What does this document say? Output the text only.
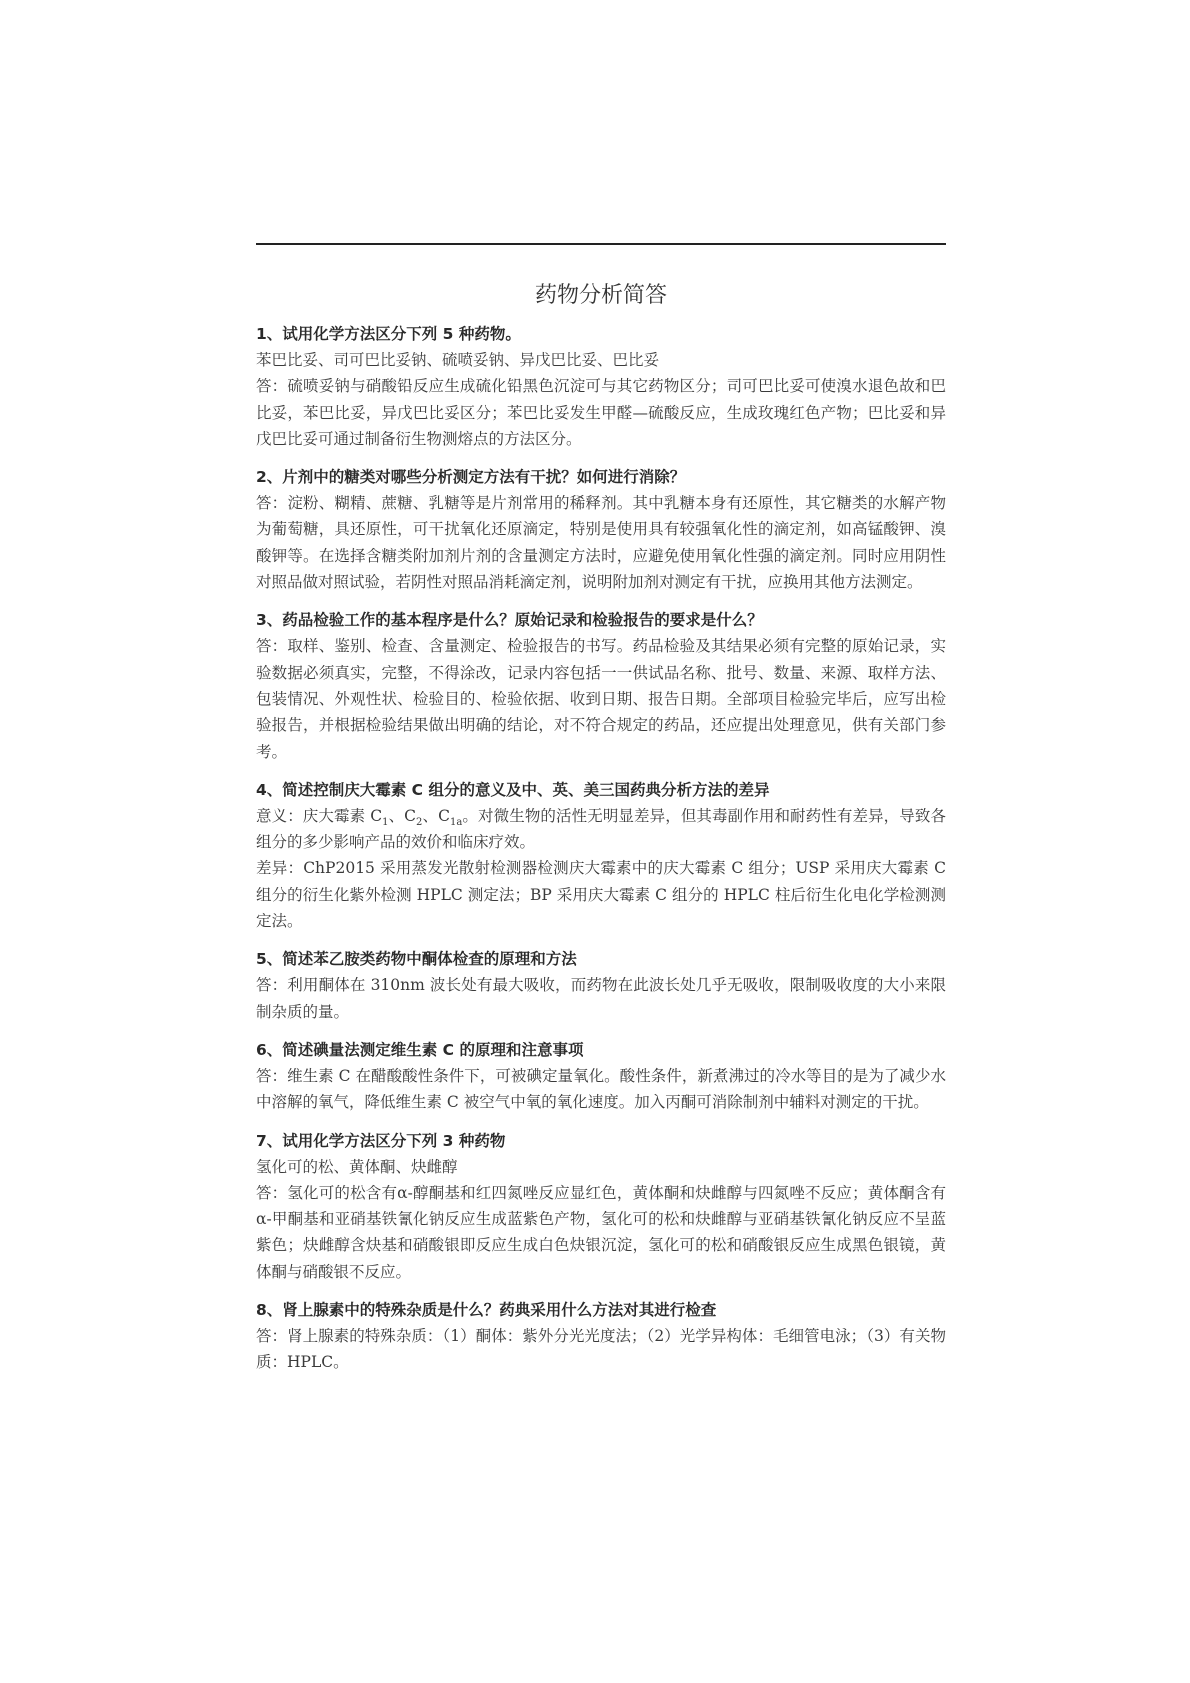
药物分析简答
1、试用化学方法区分下列 5 种药物。
苯巴比妥、司可巴比妥钠、硫喷妥钠、异戊巴比妥、巴比妥
答：硫喷妥钠与硝酸铅反应生成硫化铅黑色沉淀可与其它药物区分；司可巴比妥可使溴水退色故和巴比妥，苯巴比妥，异戊巴比妥区分；苯巴比妥发生甲醛—硫酸反应，生成玫瑰红色产物；巴比妥和异戊巴比妥可通过制备衍生物测熔点的方法区分。
2、片剂中的糖类对哪些分析测定方法有干扰？如何进行消除？
答：淀粉、糊精、蔗糖、乳糖等是片剂常用的稀释剂。其中乳糖本身有还原性，其它糖类的水解产物为葡萄糖，具还原性，可干扰氧化还原滴定，特别是使用具有较强氧化性的滴定剂，如高锰酸钾、溴酸钾等。在选择含糖类附加剂片剂的含量测定方法时，应避免使用氧化性强的滴定剂。同时应用阴性对照品做对照试验，若阴性对照品消耗滴定剂，说明附加剂对测定有干扰，应换用其他方法测定。
3、药品检验工作的基本程序是什么？原始记录和检验报告的要求是什么？
答：取样、鉴别、检查、含量测定、检验报告的书写。药品检验及其结果必须有完整的原始记录，实验数据必须真实，完整，不得涂改，记录内容包括一一供试品名称、批号、数量、来源、取样方法、包装情况、外观性状、检验目的、检验依据、收到日期、报告日期。全部项目检验完毕后，应写出检验报告，并根据检验结果做出明确的结论，对不符合规定的药品，还应提出处理意见，供有关部门参考。
4、简述控制庆大霉素 C 组分的意义及中、英、美三国药典分析方法的差异
意义：庆大霉素 $C_1$、$C_2$、$C_{1a}$。对微生物的活性无明显差异，但其毒副作用和耐药性有差异，导致各组分的多少影响产品的效价和临床疗效。
差异：ChP2015 采用蒸发光散射检测器检测庆大霉素中的庆大霉素 C 组分；USP 采用庆大霉素 C 组分的衍生化紫外检测 HPLC 测定法；BP 采用庆大霉素 C 组分的 HPLC 柱后衍生化电化学检测测定法。
5、简述苯乙胺类药物中酮体检查的原理和方法
答：利用酮体在 310nm 波长处有最大吸收，而药物在此波长处几乎无吸收，限制吸收度的大小来限制杂质的量。
6、简述碘量法测定维生素 C 的原理和注意事项
答：维生素 C 在醋酸酸性条件下，可被碘定量氧化。酸性条件，新煮沸过的冷水等目的是为了减少水中溶解的氧气，降低维生素 C 被空气中氧的氧化速度。加入丙酮可消除制剂中辅料对测定的干扰。
7、试用化学方法区分下列 3 种药物
氢化可的松、黄体酮、炔雌醇
答：氢化可的松含有α-醇酮基和红四氮唑反应显红色，黄体酮和炔雌醇与四氮唑不反应；黄体酮含有α-甲酮基和亚硝基铁氰化钠反应生成蓝紫色产物，氢化可的松和炔雌醇与亚硝基铁氰化钠反应不呈蓝紫色；炔雌醇含炔基和硝酸银即反应生成白色炔银沉淀，氢化可的松和硝酸银反应生成黑色银镜，黄体酮与硝酸银不反应。
8、肾上腺素中的特殊杂质是什么？药典采用什么方法对其进行检查
答：肾上腺素的特殊杂质：（1）酮体：紫外分光光度法；（2）光学异构体：毛细管电泳；（3）有关物质：HPLC。
